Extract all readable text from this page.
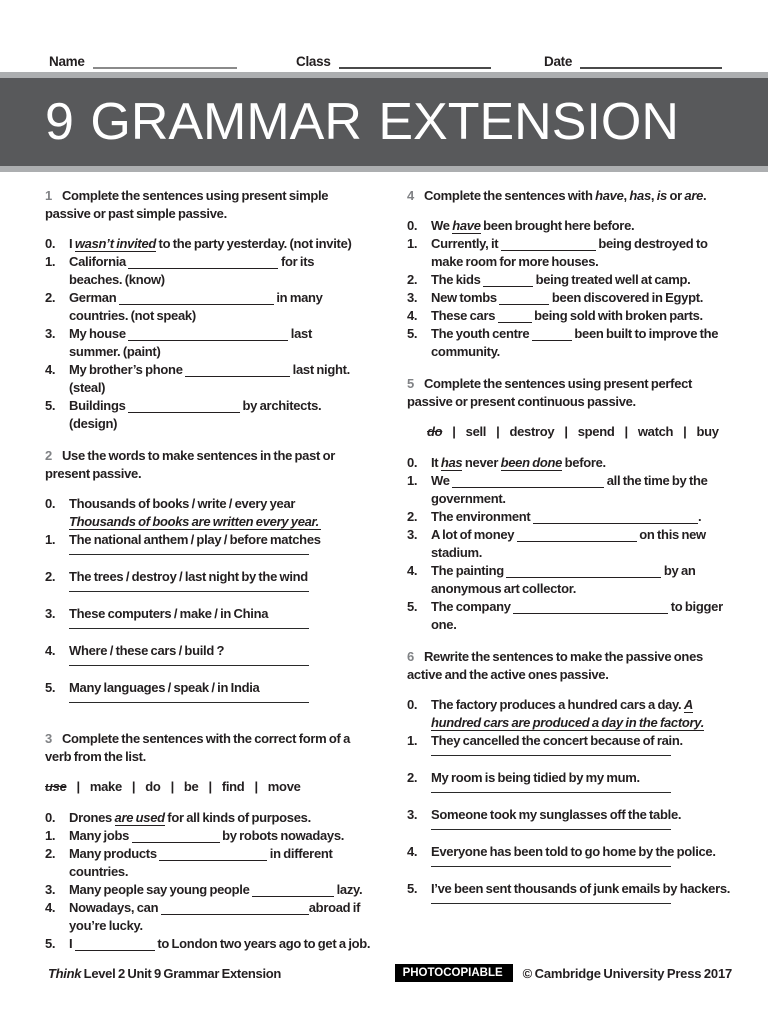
Name	Class	Date
9 GRAMMAR EXTENSION
1 Complete the sentences using present simple
passive or past simple passive.
0.	I wasn’t invited to the party yesterday. (not invite)
1.	California	for its
beaches. (know)
2.	German	in many
countries. (not speak)
3.	My house	last
summer. (paint)
4.	My brother’s phone	last night.
(steal)
5.	Buildings	by architects.
(design)
2 Use the words to make sentences in the past or
present passive.
0.	Thousands of books / write / every year
Thousands of books are written every year.
1.	The national anthem / play / before matches
2.	The trees / destroy / last night by the wind
3.	These computers / make / in China
4.	Where / these cars / build ?
5.	Many languages / speak / in India
3 Complete the sentences with the correct form of a
verb from the list.
use | make | do | be | find | move
0.	Drones are used for all kinds of purposes.
1.	Many jobs	by robots nowadays.
2.	Many products	in different
countries.
3.	Many people say young people	lazy.
4.	Nowadays, can	abroad if
you’re lucky.
5.	I	to London two years ago to get a job.
4 Complete the sentences with have, has, is or are.
0.	We have been brought here before.
1.	Currently, it	being destroyed to
make room for more houses.
2.	The kids	being treated well at camp.
3.	New tombs	been discovered in Egypt.
4.	These cars	being sold with broken parts.
5.	The youth centre	been built to improve the
community.
5 Complete the sentences using present perfect
passive or present continuous passive.
do | sell | destroy | spend | watch | buy
0.	It has never been done before.
1.	We	all the time by the
government.
2.	The environment	.
3.	A lot of money	on this new
stadium.
4.	The painting	by an
anonymous art collector.
5.	The company	to bigger
one.
6 Rewrite the sentences to make the passive ones
active and the active ones passive.
0.	The factory produces a hundred cars a day. A
hundred cars are produced a day in the factory.
1.	They cancelled the concert because of rain.
2.	My room is being tidied by my mum.
3.	Someone took my sunglasses off the table.
4.	Everyone has been told to go home by the police.
5.	I’ve been sent thousands of junk emails by hackers.
Think Level 2 Unit 9 Grammar Extension	PHOTOCOPIABLE	© Cambridge University Press 2017
